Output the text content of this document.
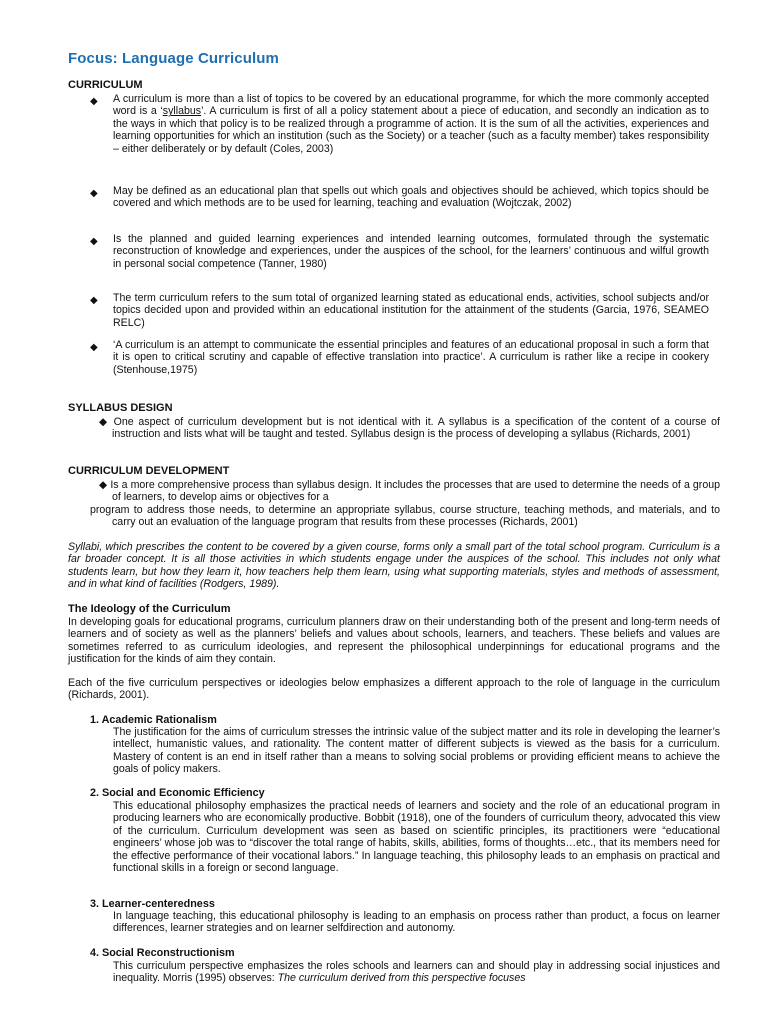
Focus: Language Curriculum
CURRICULUM
◆ A curriculum is more than a list of topics to be covered by an educational programme, for which the more commonly accepted word is a ‘syllabus’. A curriculum is first of all a policy statement about a piece of education, and secondly an indication as to the ways in which that policy is to be realized through a programme of action. It is the sum of all the activities, experiences and learning opportunities for which an institution (such as the Society) or a teacher (such as a faculty member) takes responsibility – either deliberately or by default (Coles, 2003)
◆ May be defined as an educational plan that spells out which goals and objectives should be achieved, which topics should be covered and which methods are to be used for learning, teaching and evaluation (Wojtczak, 2002)
◆ Is the planned and guided learning experiences and intended learning outcomes, formulated through the systematic reconstruction of knowledge and experiences, under the auspices of the school, for the learners’ continuous and wilful growth in personal social competence (Tanner, 1980)
◆ The term curriculum refers to the sum total of organized learning stated as educational ends, activities, school subjects and/or topics decided upon and provided within an educational institution for the attainment of the students (Garcia, 1976, SEAMEO RELC)
◆ ‘A curriculum is an attempt to communicate the essential principles and features of an educational proposal in such a form that it is open to critical scrutiny and capable of effective translation into practice’. A curriculum is rather like a recipe in cookery (Stenhouse,1975)
SYLLABUS DESIGN
◆ One aspect of curriculum development but is not identical with it. A syllabus is a specification of the content of a course of instruction and lists what will be taught and tested. Syllabus design is the process of developing a syllabus (Richards, 2001)
CURRICULUM DEVELOPMENT
◆ Is a more comprehensive process than syllabus design. It includes the processes that are used to determine the needs of a group of learners, to develop aims or objectives for a
program to address those needs, to determine an appropriate syllabus, course structure, teaching methods, and materials, and to carry out an evaluation of the language program that results from these processes (Richards, 2001)
Syllabi, which prescribes the content to be covered by a given course, forms only a small part of the total school program. Curriculum is a far broader concept. It is all those activities in which students engage under the auspices of the school. This includes not only what students learn, but how they learn it, how teachers help them learn, using what supporting materials, styles and methods of assessment, and in what kind of facilities (Rodgers, 1989).
The Ideology of the Curriculum
In developing goals for educational programs, curriculum planners draw on their understanding both of the present and long-term needs of learners and of society as well as the planners’ beliefs and values about schools, learners, and teachers. These beliefs and values are sometimes referred to as curriculum ideologies, and represent the philosophical underpinnings for educational programs and the justification for the kinds of aim they contain.
Each of the five curriculum perspectives or ideologies below emphasizes a different approach to the role of language in the curriculum (Richards, 2001).
1. Academic Rationalism
The justification for the aims of curriculum stresses the intrinsic value of the subject matter and its role in developing the learner’s intellect, humanistic values, and rationality. The content matter of different subjects is viewed as the basis for a curriculum. Mastery of content is an end in itself rather than a means to solving social problems or providing efficient means to achieve the goals of policy makers.
2. Social and Economic Efficiency
This educational philosophy emphasizes the practical needs of learners and society and the role of an educational program in producing learners who are economically productive. Bobbit (1918), one of the founders of curriculum theory, advocated this view of the curriculum. Curriculum development was seen as based on scientific principles, its practitioners were “educational engineers’ whose job was to “discover the total range of habits, skills, abilities, forms of thoughts…etc., that its members need for the effective performance of their vocational labors.” In language teaching, this philosophy leads to an emphasis on practical and functional skills in a foreign or second language.
3. Learner-centeredness
In language teaching, this educational philosophy is leading to an emphasis on process rather than product, a focus on learner differences, learner strategies and on learner selfdirection and autonomy.
4. Social Reconstructionism
This curriculum perspective emphasizes the roles schools and learners can and should play in addressing social injustices and inequality. Morris (1995) observes: The curriculum derived from this perspective focuses
